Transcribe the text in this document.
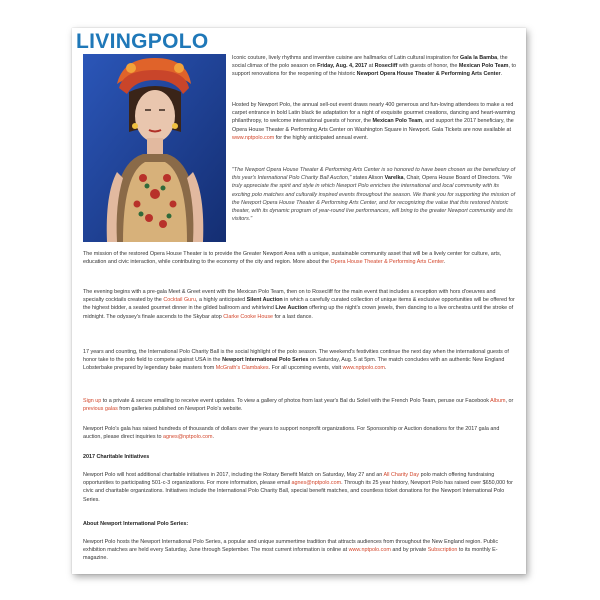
LIVINGPOLO

Iconic couture, lively rhythms and inventive cuisine are hallmarks of Latin cultural inspiration for Gala la Bamba, the social climax of the polo season on Friday, Aug. 4, 2017 at Rosecliff with guests of honor, the Mexican Polo Team, to support renovations for the reopening of the historic Newport Opera House Theater & Performing Arts Center.

Hosted by Newport Polo, the annual sell-out event draws nearly 400 generous and fun-loving attendees to make a red carpet entrance in bold Latin black tie adaptation for a night of exquisite gourmet creations, dancing and heart-warming philanthropy, to welcome international guests of honor, the Mexican Polo Team, and support the 2017 beneficiary, the Opera House Theater & Performing Arts Center on Washington Square in Newport. Gala Tickets are now available at www.nptpolo.com for the highly anticipated annual event.

"The Newport Opera House Theater & Performing Arts Center is so honored to have been chosen as the beneficiary of this year's International Polo Charity Ball Auction," states Alison Varelka, Chair, Opera House Board of Directors. "We truly appreciate the spirit and style in which Newport Polo enriches the international and local community with its exciting polo matches and culturally inspired events throughout the season. We thank you for supporting the mission of the Newport Opera House Theater & Performing Arts Center, and for recognizing the value that this restored historic theater, with its dynamic program of year-round live performances, will bring to the greater Newport community and its visitors."

The mission of the restored Opera House Theater is to provide the Greater Newport Area with a unique, sustainable community asset that will be a lively center for culture, arts, education and civic interaction, while contributing to the economy of the city and region. More about the Opera House Theater & Performing Arts Center.

The evening begins with a pre-gala Meet & Greet event with the Mexican Polo Team, then on to Rosecliff for the main event that includes a reception with hors d'oeuvres and specialty cocktails created by the Cocktail Guru, a highly anticipated Silent Auction in which a carefully curated collection of unique items & exclusive opportunities will be offered for the highest bidder, a seated gourmet dinner in the gilded ballroom and whirlwind Live Auction offering up the night's crown jewels, then dancing to a live orchestra until the stroke of midnight. The odyssey's finale ascends to the Skybar atop Clarke Cooke House for a last dance.

17 years and counting, the International Polo Charity Ball is the social highlight of the polo season. The weekend's festivities continue the next day when the international guests of honor take to the polo field to compete against USA in the Newport International Polo Series on Saturday, Aug. 5 at 5pm. The match concludes with an authentic New England Lobsterbake prepared by legendary bake masters from McGrath's Clambakes. For all upcoming events, visit www.nptpolo.com.

Sign up to a private & secure emailing to receive event updates. To view a gallery of photos from last year's Bal du Soleil with the French Polo Team, peruse our Facebook Album, or previous galas from galleries published on Newport Polo's website.

Newport Polo's gala has raised hundreds of thousands of dollars over the years to support nonprofit organizations. For Sponsorship or Auction donations for the 2017 gala and auction, please direct inquiries to agnes@nptpolo.com.

2017 Charitable Initiatives

Newport Polo will host additional charitable initiatives in 2017, including the Rotary Benefit Match on Saturday, May 27 and an All Charity Day polo match offering fundraising opportunities to participating 501-c-3 organizations. For more information, please email agnes@nptpolo.com. Through its 25 year history, Newport Polo has raised over $650,000 for civic and charitable organizations. Initiatives include the International Polo Charity Ball, special benefit matches, and countless ticket donations for the Newport International Polo Series.

About Newport International Polo Series:

Newport Polo hosts the Newport International Polo Series, a popular and unique summertime tradition that attracts audiences from throughout the New England region. Public exhibition matches are held every Saturday, June through September. The most current information is online at www.nptpolo.com and by private Subscription to its monthly E-magazine.
